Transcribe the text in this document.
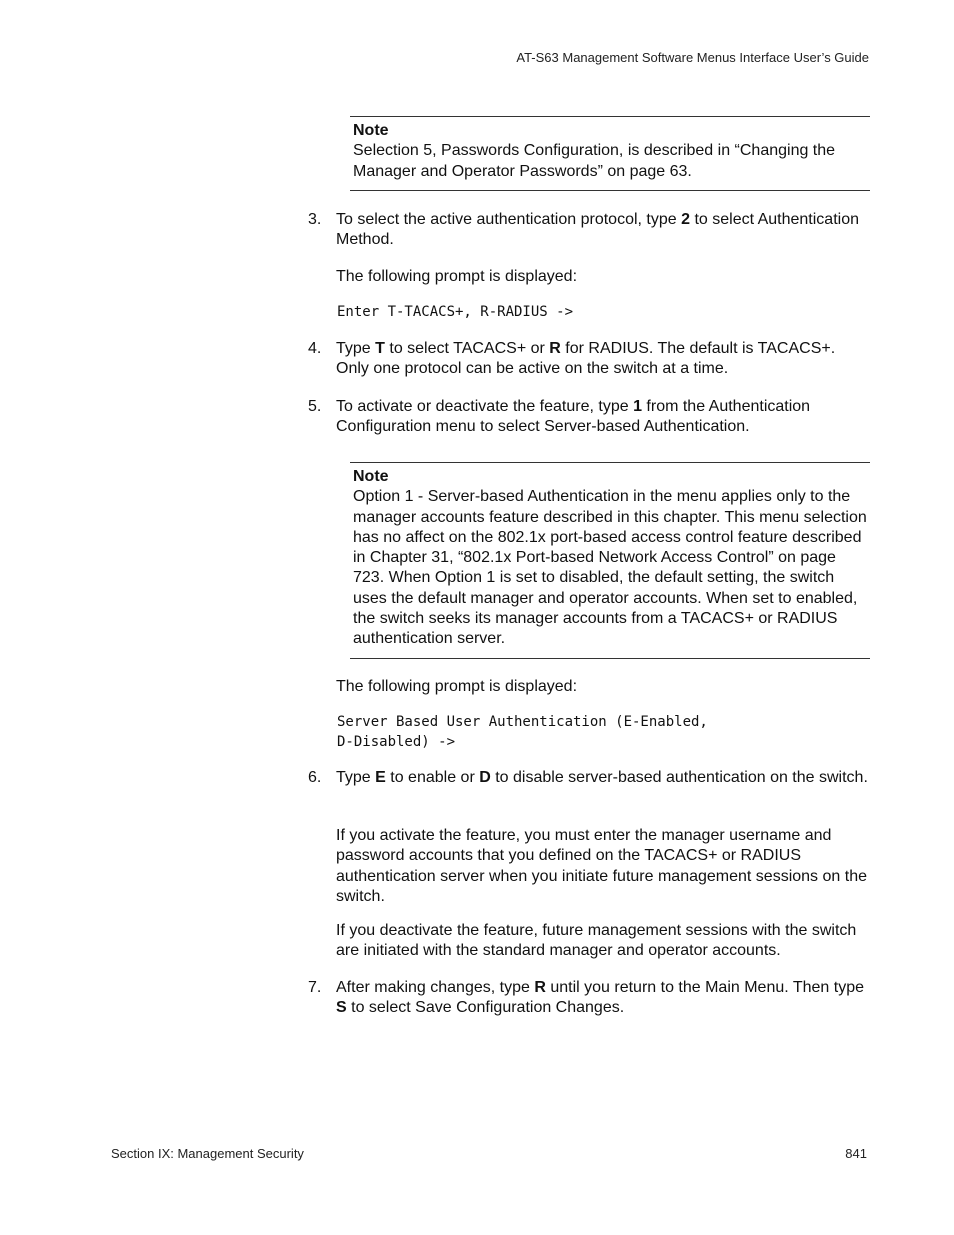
AT-S63 Management Software Menus Interface User’s Guide
Note
Selection 5, Passwords Configuration, is described in “Changing the Manager and Operator Passwords” on page 63.
3. To select the active authentication protocol, type 2 to select Authentication Method.
The following prompt is displayed:
Enter T-TACACS+, R-RADIUS ->
4. Type T to select TACACS+ or R for RADIUS. The default is TACACS+. Only one protocol can be active on the switch at a time.
5. To activate or deactivate the feature, type 1 from the Authentication Configuration menu to select Server-based Authentication.
Note
Option 1 - Server-based Authentication in the menu applies only to the manager accounts feature described in this chapter. This menu selection has no affect on the 802.1x port-based access control feature described in Chapter 31, “802.1x Port-based Network Access Control” on page 723. When Option 1 is set to disabled, the default setting, the switch uses the default manager and operator accounts. When set to enabled, the switch seeks its manager accounts from a TACACS+ or RADIUS authentication server.
The following prompt is displayed:
Server Based User Authentication (E-Enabled,
D-Disabled) ->
6. Type E to enable or D to disable server-based authentication on the switch.
If you activate the feature, you must enter the manager username and password accounts that you defined on the TACACS+ or RADIUS authentication server when you initiate future management sessions on the switch.
If you deactivate the feature, future management sessions with the switch are initiated with the standard manager and operator accounts.
7. After making changes, type R until you return to the Main Menu. Then type S to select Save Configuration Changes.
Section IX: Management Security	841
